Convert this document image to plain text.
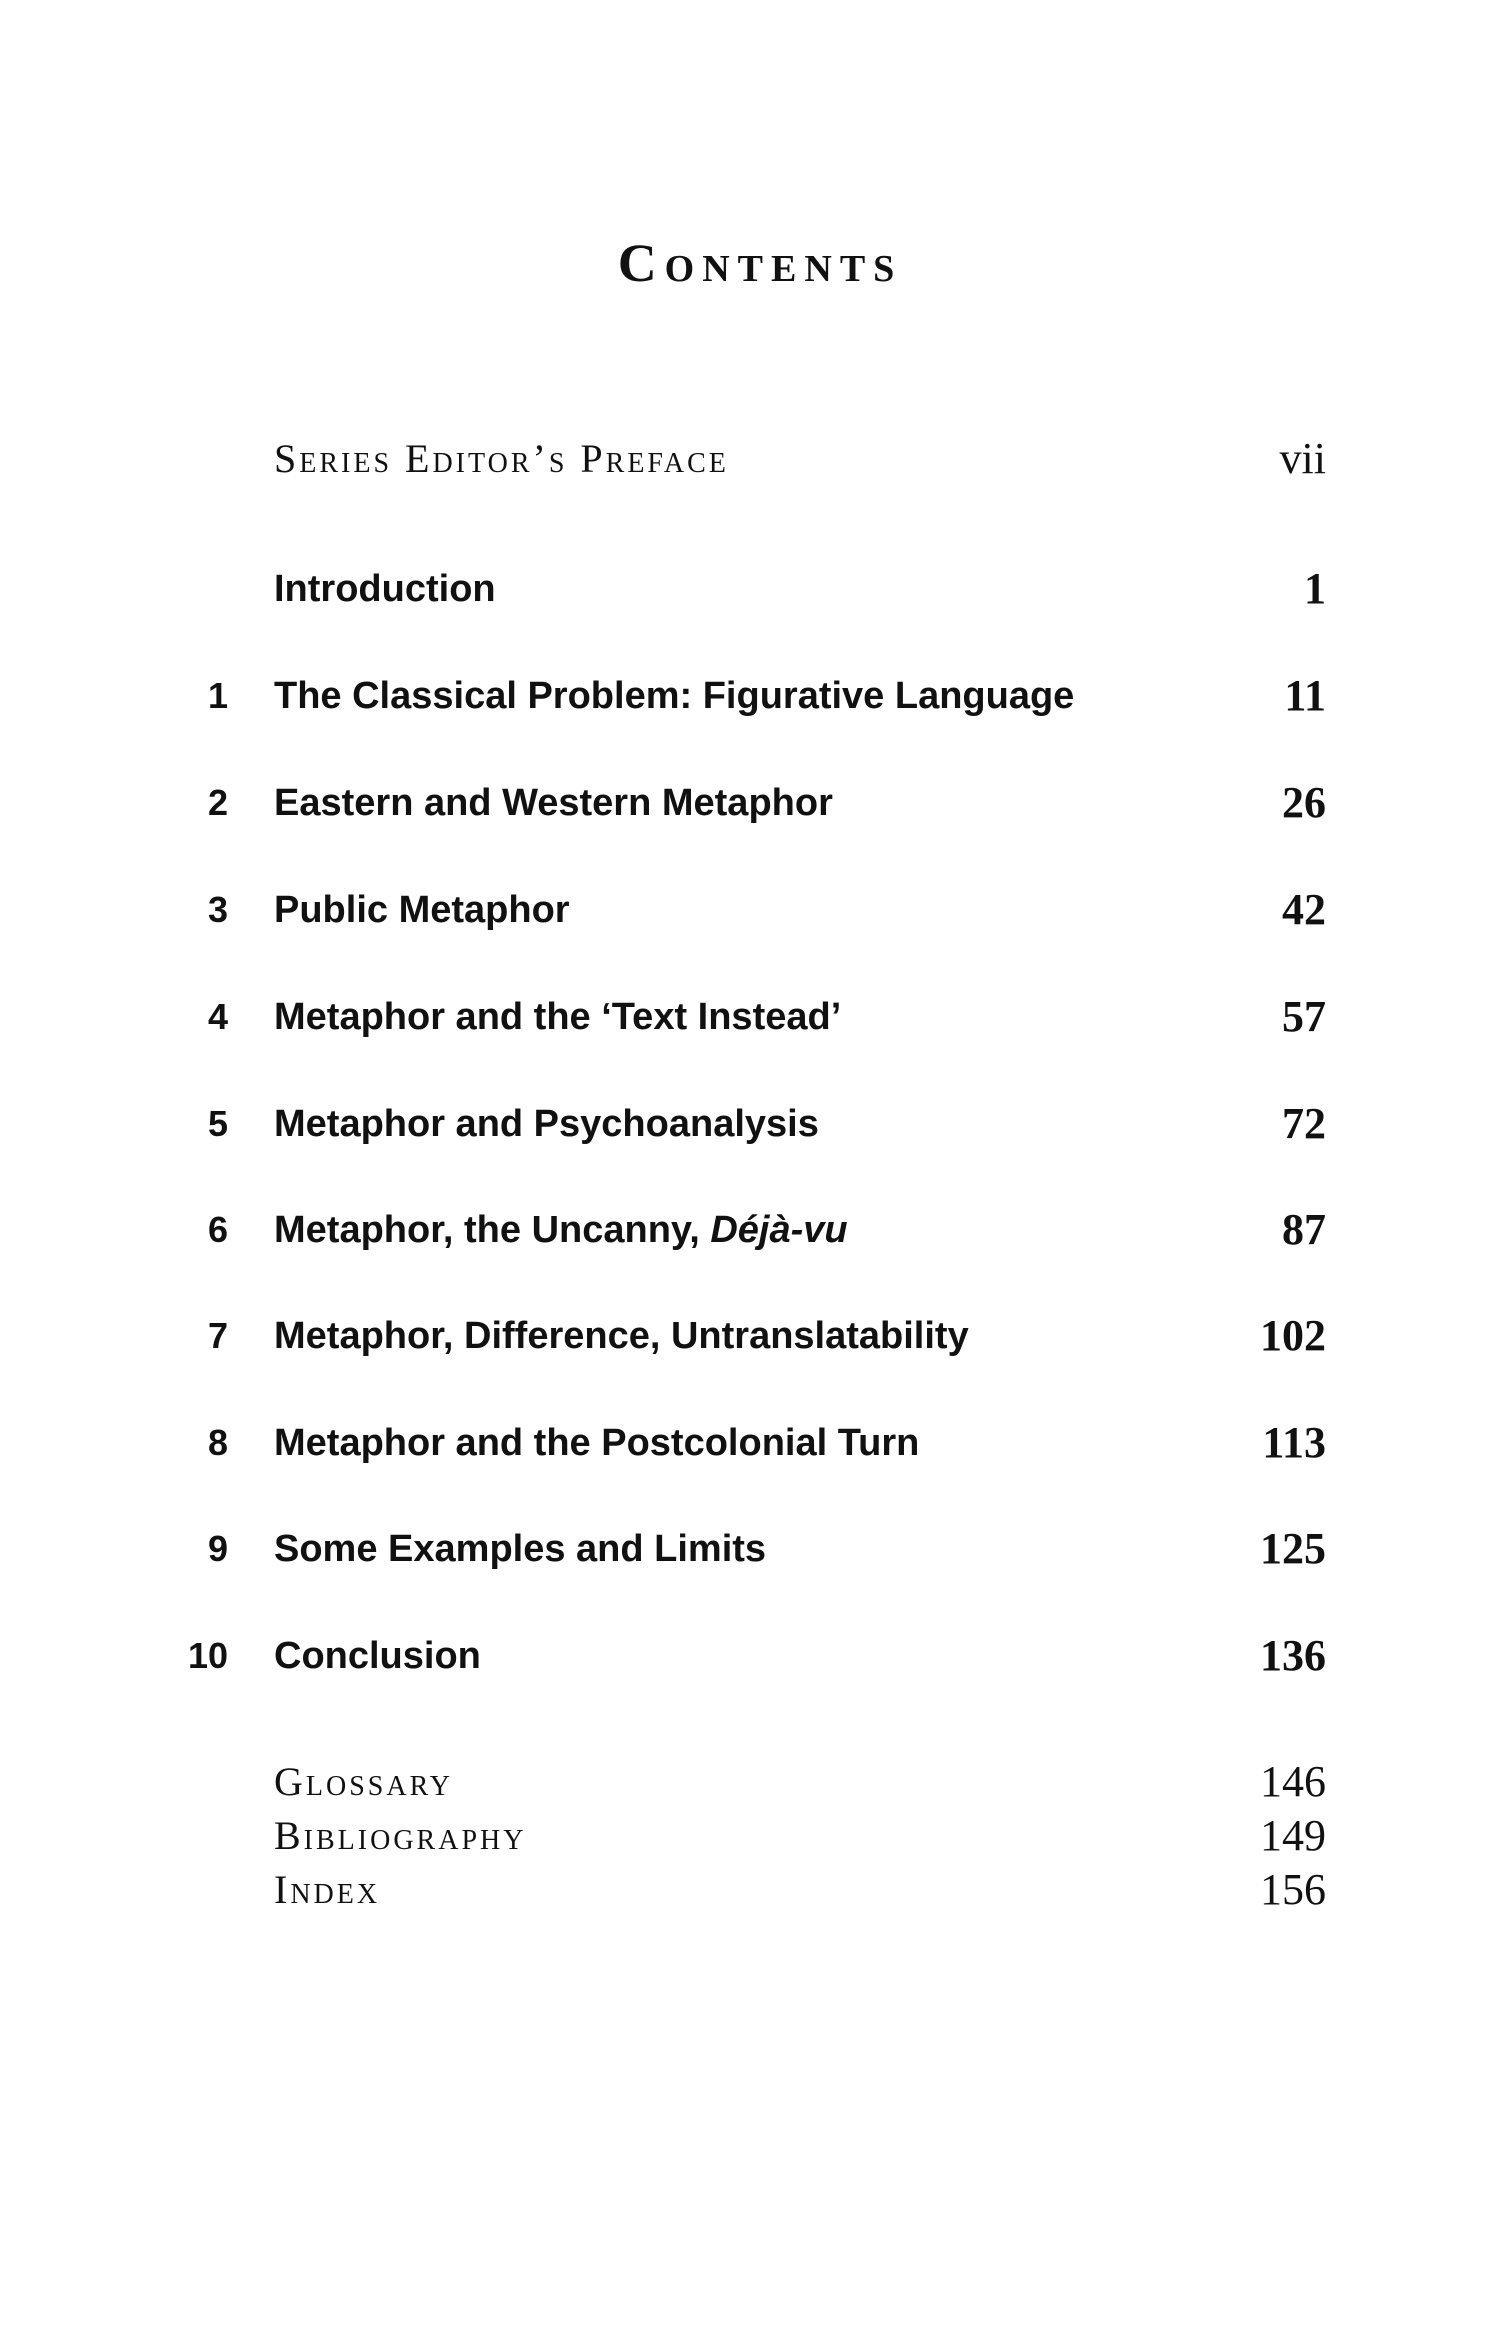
Contents
Series Editor’s Preface	vii
Introduction	1
1 The Classical Problem: Figurative Language	11
2 Eastern and Western Metaphor	26
3 Public Metaphor	42
4 Metaphor and the ‘Text Instead’	57
5 Metaphor and Psychoanalysis	72
6 Metaphor, the Uncanny, Déjà-vu	87
7 Metaphor, Difference, Untranslatability	102
8 Metaphor and the Postcolonial Turn	113
9 Some Examples and Limits	125
10 Conclusion	136
Glossary	146
Bibliography	149
Index	156
